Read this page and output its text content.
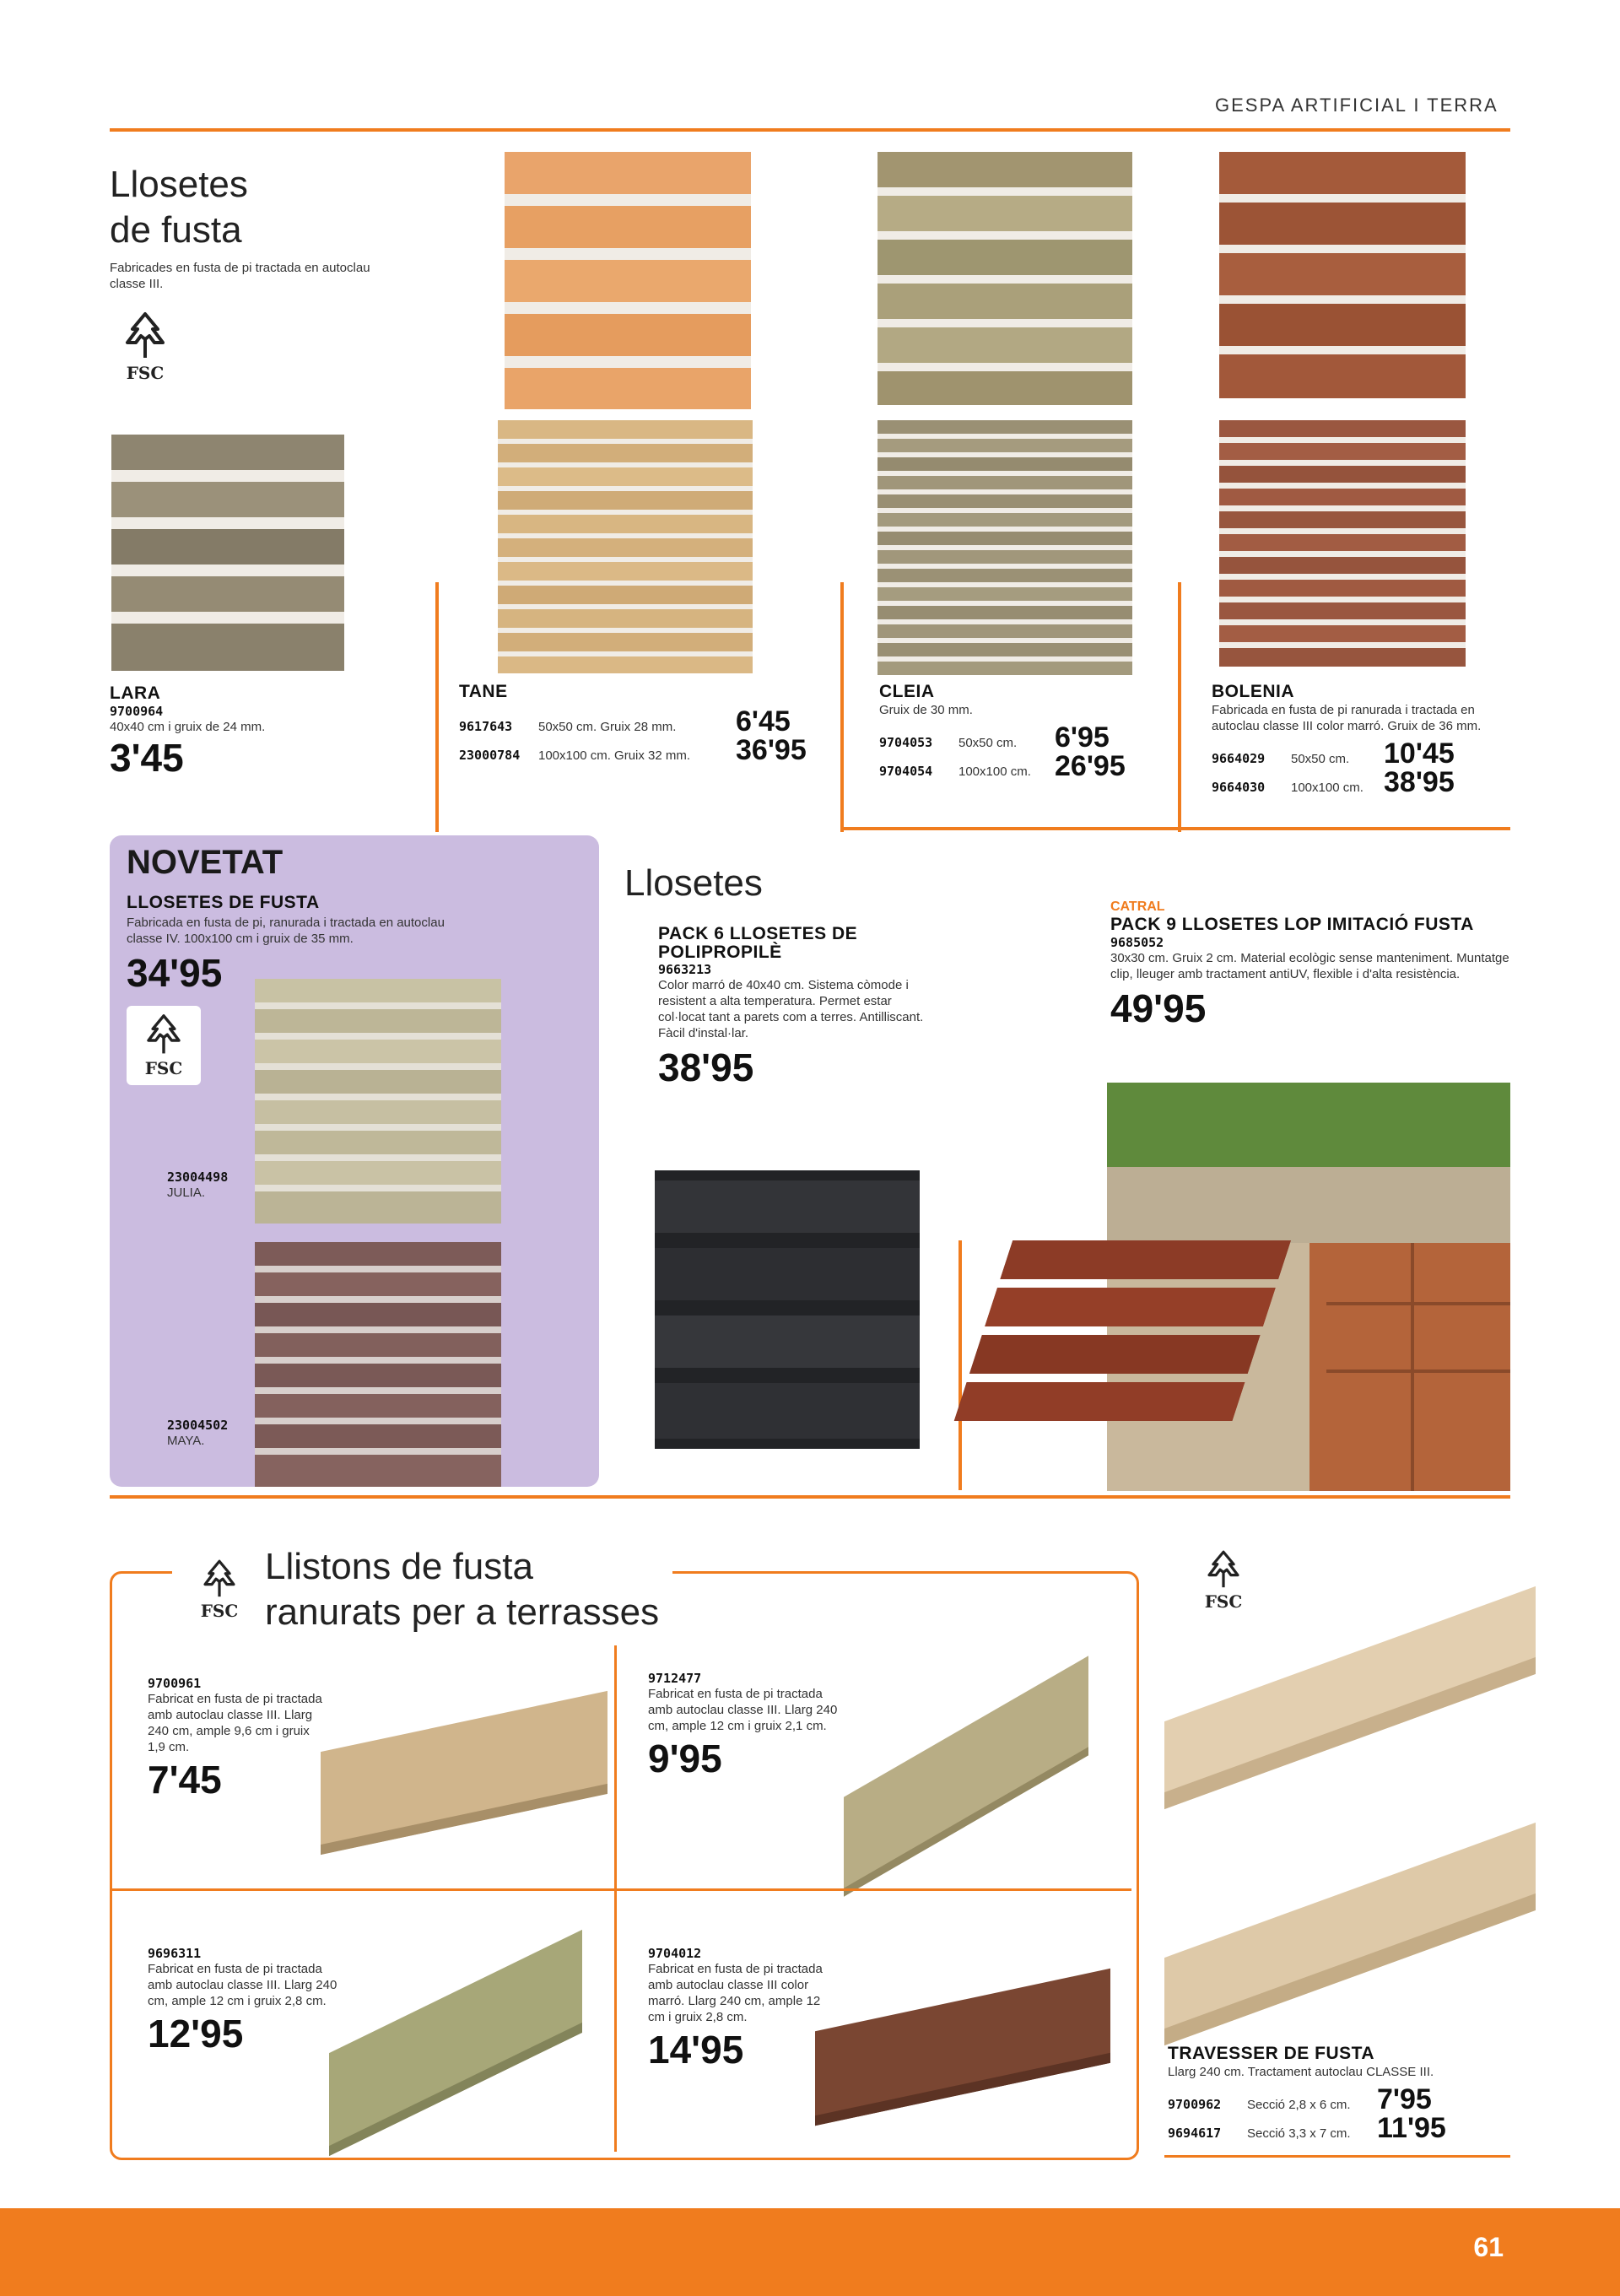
GESPA ARTIFICIAL I TERRA
Llosetes
de fusta
Fabricades en fusta de pi tractada en autoclau classe III.
FSC
LARA
9700964
40x40 cm i gruix de 24 mm.
3'45
TANE
9617643	50x50 cm. Gruix 28 mm.	6'45
23000784	100x100 cm. Gruix 32 mm.	36'95
CLEIA
Gruix de 30 mm.
9704053	50x50 cm.	6'95
9704054	100x100 cm. 26'95
BOLENIA
Fabricada en fusta de pi ranurada i tractada en autoclau classe III color marró. Gruix de 36 mm.
9664029	50x50 cm.	10'45
9664030	100x100 cm. 38'95
NOVETAT
LLOSETES DE FUSTA
Fabricada en fusta de pi, ranurada i tractada en autoclau classe IV. 100x100 cm i gruix de 35 mm.
34'95
FSC
23004498
JULIA.
23004502
MAYA.
Llosetes
PACK 6 LLOSETES DE POLIPROPILÈ
9663213
Color marró de 40x40 cm. Sistema còmode i resistent a alta temperatura. Permet estar col·locat tant a parets com a terres. Antilliscant. Fàcil d'instal·lar.
38'95
CATRAL
PACK 9 LLOSETES LOP IMITACIÓ FUSTA
9685052
30x30 cm. Gruix 2 cm. Material ecològic sense manteniment. Muntatge clip, lleuger amb tractament antiUV, flexible i d'alta resistència.
49'95
FSC
Llistons de fusta
ranurats per a terrasses
9700961
Fabricat en fusta de pi tractada amb autoclau classe III. Llarg 240 cm, ample 9,6 cm i gruix 1,9 cm.
7'45
9712477
Fabricat en fusta de pi tractada amb autoclau classe III. Llarg 240 cm, ample 12 cm i gruix 2,1 cm.
9'95
9696311
Fabricat en fusta de pi tractada amb autoclau classe III. Llarg 240 cm, ample 12 cm i gruix 2,8 cm.
12'95
9704012
Fabricat en fusta de pi tractada amb autoclau classe III color marró. Llarg 240 cm, ample 12 cm i gruix 2,8 cm.
14'95
FSC
TRAVESSER DE FUSTA
Llarg 240 cm. Tractament autoclau CLASSE III.
9700962	Secció 2,8 x 6 cm. 7'95
9694617	Secció 3,3 x 7 cm. 11'95
61
